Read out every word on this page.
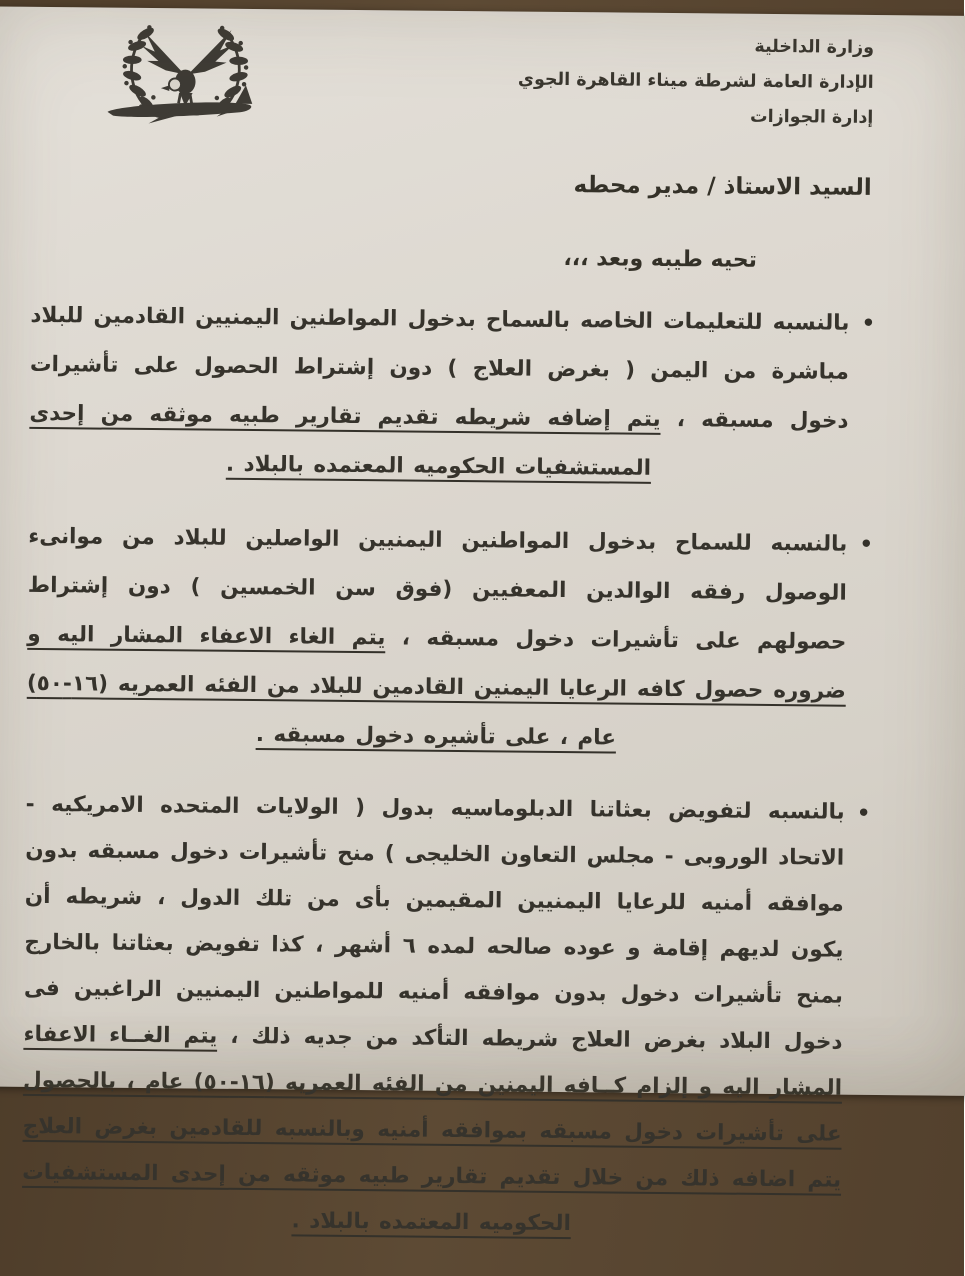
وزارة الداخلية
الإدارة العامة لشرطة ميناء القاهرة الجوي
إدارة الجوازات
السيد الاستاذ / مدير محطه
تحيه طيبه وبعد ،،،
•

بالنسبه للتعليمات الخاصه بالسماح بدخول المواطنين اليمنيين القادمين للبلاد مباشرة من اليمن ( بغرض العلاج ) دون إشتراط الحصول على تأشيرات دخول مسبقه ، يتم إضافه شريطه تقديم تقارير طبيه موثقه من إحدى المستشفيات الحكوميه المعتمده بالبلاد .

•

بالنسبه للسماح بدخول المواطنين اليمنيين الواصلين للبلاد من موانىء الوصول رفقه الوالدين المعفيين (فوق سن الخمسين ) دون إشتراط حصولهم على تأشيرات دخول مسبقه ، يتم الغاء الاعفاء المشار اليه و ضروره حصول كافه الرعايا اليمنين القادمين للبلاد من الفئه العمريه (١٦-٥٠) عام ، على تأشيره دخول مسبقه .

•

بالنسبه لتفويض بعثاتنا الدبلوماسيه بدول ( الولايات المتحده الامريكيه - الاتحاد الوروبى - مجلس التعاون الخليجى ) منح تأشيرات دخول مسبقه بدون موافقه أمنيه للرعايا اليمنيين المقيمين بأى من تلك الدول ، شريطه أن يكون لديهم إقامة و عوده صالحه لمده ٦ أشهر ، كذا تفويض بعثاتنا بالخارج بمنح تأشيرات دخول بدون موافقه أمنيه للمواطنين اليمنيين الراغبين فى دخول البلاد بغرض العلاج شريطه التأكد من جديه ذلك ، يتم الغــاء الاعفاء المشار اليه و إلزام كــافه اليمنين من الفئه العمريه (١٦-٥٠) عام ، بالحصول على تأشيرات دخول مسبقه بموافقه أمنيه وبالنسبه للقادمين بغرض العلاج يتم اضافه ذلك من خلال تقديم تقارير طبيه موثقه من إحدى المستشفيات الحكوميه المعتمده بالبلاد .
